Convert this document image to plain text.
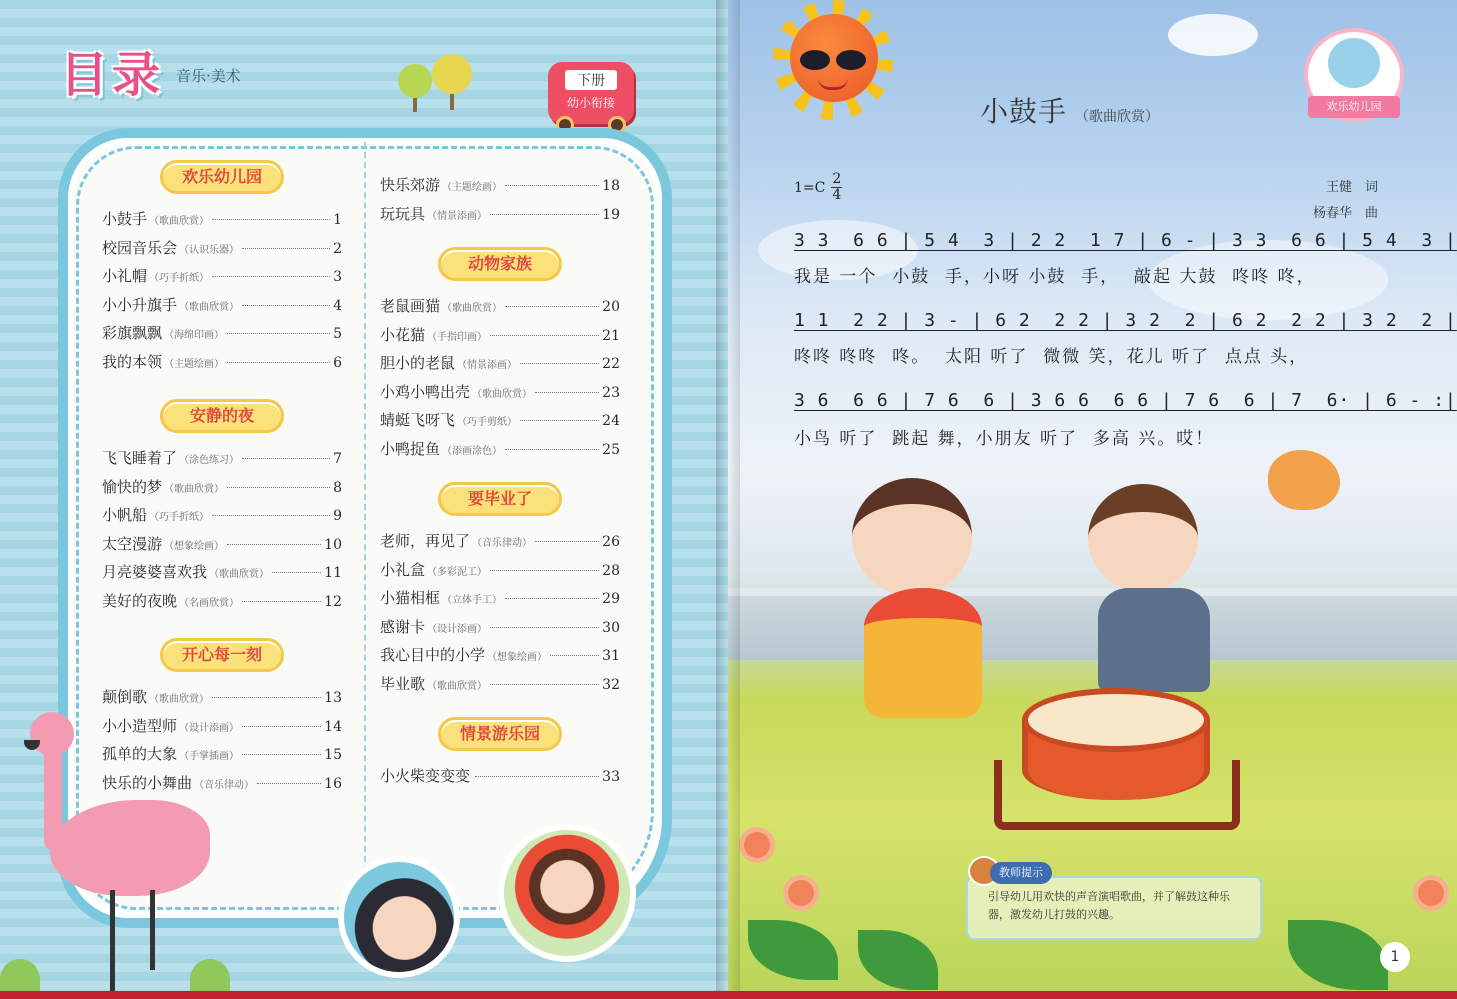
目录 音乐·美术	下册
幼小衔接
欢乐幼儿园
小鼓手 （歌曲欣赏）	1
校园音乐会 （认识乐器）	2
小礼帽 （巧手折纸）	3
小小升旗手 （歌曲欣赏）	4
彩旗飘飘 （海绵印画）	5
我的本领 （主题绘画）	6
安静的夜
飞飞睡着了 （涂色练习）	7
愉快的梦 （歌曲欣赏）	8
小帆船 （巧手折纸）	9
太空漫游 （想象绘画）	10
月亮婆婆喜欢我 （歌曲欣赏）	11
美好的夜晚 （名画欣赏）	12
开心每一刻
颠倒歌 （歌曲欣赏）	13
小小造型师 （设计添画）	14
孤单的大象 （手掌插画）	15
快乐的小舞曲 （音乐律动）	16
快乐郊游 （主题绘画）	18
玩玩具 （情景添画）	19
动物家族
老鼠画猫 （歌曲欣赏）	20
小花猫 （手指印画）	21
胆小的老鼠 （情景添画）	22
小鸡小鸭出壳 （歌曲欣赏）	23
蜻蜓飞呀飞 （巧手剪纸）	24
小鸭捉鱼 （添画涂色）	25
要毕业了
老师，再见了 （音乐律动）	26
小礼盒 （多彩泥工）	28
小猫相框 （立体手工）	29
感谢卡 （设计添画）	30
我心目中的小学 （想象绘画）	31
毕业歌 （歌曲欣赏）	32
情景游乐园
小火柴变变变	33
欢乐幼儿园
小鼓手 （歌曲欣赏）
$1=C \frac{2}{4}$	王健　词
杨春华　曲
3 3  6 6 | 5 4  3 | 2 2  1 7 | 6 - | 3 3  6 6 | 5 4  3 |
我是 一个  小鼓  手，小呀 小鼓  手，  敲起 大鼓  咚咚 咚，
1 1  2 2 | 3 - | 6 2  2 2 | 3 2  2 | 6 2  2 2 | 3 2  2 |
咚咚 咚咚  咚。  太阳 听了  微微 笑，花儿 听了  点点 头，
3 6  6 6 | 7 6  6 | 3 6 6  6 6 | 7 6  6 | 7  6· | 6 - :|
小鸟 听了  跳起 舞，小朋友 听了  多高 兴。哎！
引导幼儿用欢快的声音演唱歌曲，并了解鼓这种乐器，激发幼儿打鼓的兴趣。
教师提示
1
